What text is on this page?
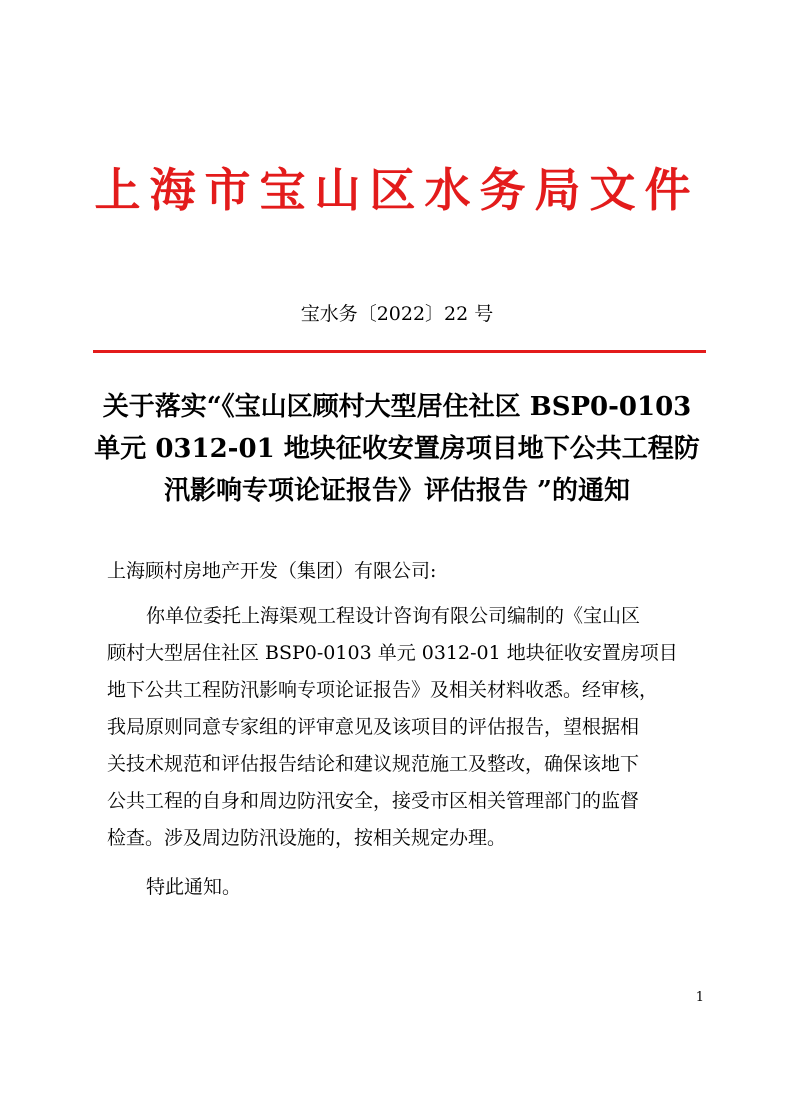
上海市宝山区水务局文件
宝水务〔2022〕22 号
关于落实“《宝山区顾村大型居住社区 BSP0-0103
单元 0312-01 地块征收安置房项目地下公共工程防
汛影响专项论证报告》评估报告 ”的通知
上海顾村房地产开发（集团）有限公司:
你单位委托上海渠观工程设计咨询有限公司编制的《宝山区
顾村大型居住社区 BSP0-0103 单元 0312-01 地块征收安置房项目
地下公共工程防汛影响专项论证报告》及相关材料收悉。经审核，
我局原则同意专家组的评审意见及该项目的评估报告，望根据相
关技术规范和评估报告结论和建议规范施工及整改，确保该地下
公共工程的自身和周边防汛安全，接受市区相关管理部门的监督
检查。涉及周边防汛设施的，按相关规定办理。
特此通知。
1
